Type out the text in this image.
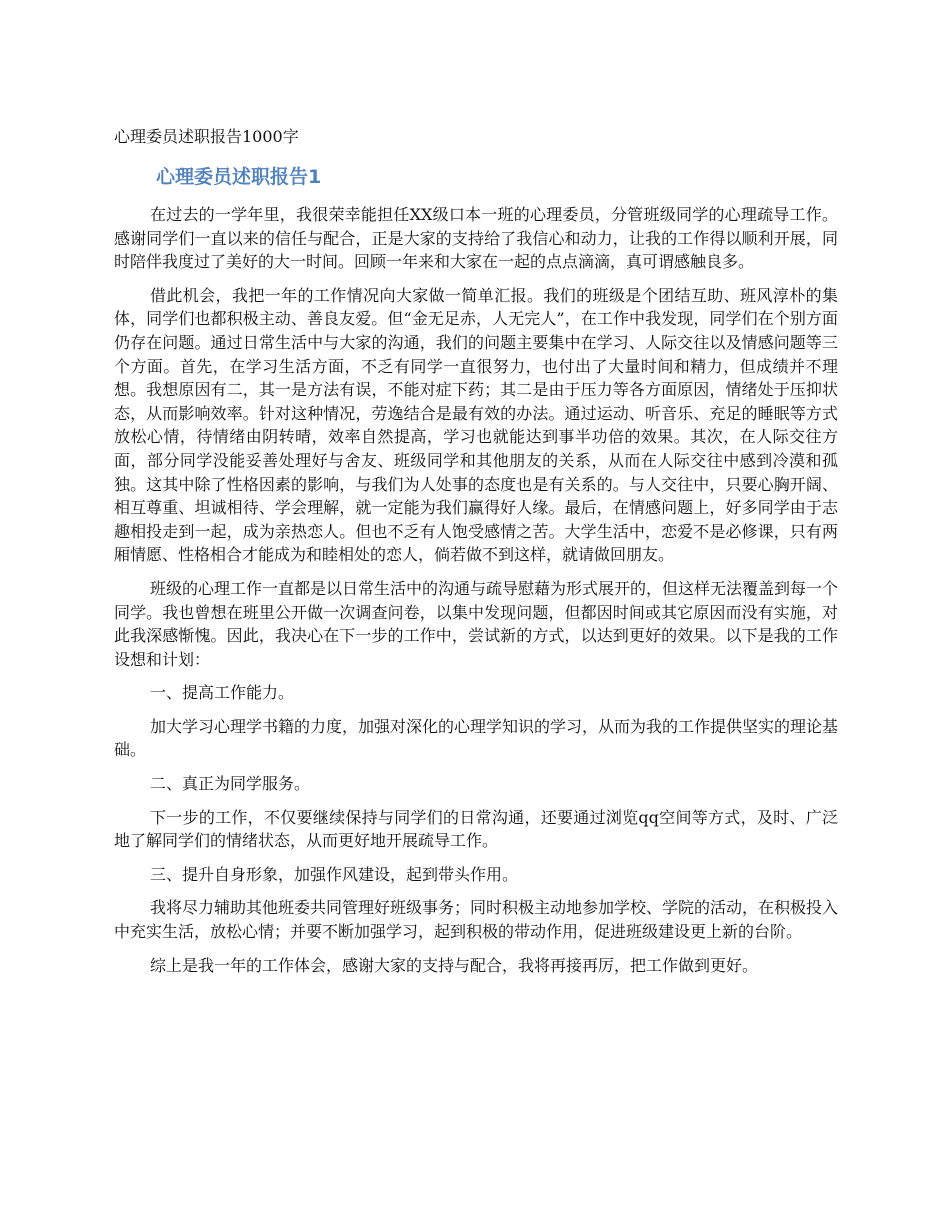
心理委员述职报告1000字
心理委员述职报告1

在过去的一学年里，我很荣幸能担任XX级口本一班的心理委员，分管班级同学的心理疏导工作。感谢同学们一直以来的信任与配合，正是大家的支持给了我信心和动力，让我的工作得以顺利开展，同时陪伴我度过了美好的大一时间。回顾一年来和大家在一起的点点滴滴，真可谓感触良多。

借此机会，我把一年的工作情况向大家做一简单汇报。我们的班级是个团结互助、班风淳朴的集体，同学们也都积极主动、善良友爱。但“金无足赤，人无完人”，在工作中我发现，同学们在个别方面仍存在问题。通过日常生活中与大家的沟通，我们的问题主要集中在学习、人际交往以及情感问题等三个方面。首先，在学习生活方面，不乏有同学一直很努力，也付出了大量时间和精力，但成绩并不理想。我想原因有二，其一是方法有误，不能对症下药；其二是由于压力等各方面原因，情绪处于压抑状态，从而影响效率。针对这种情况，劳逸结合是最有效的办法。通过运动、听音乐、充足的睡眠等方式放松心情，待情绪由阴转晴，效率自然提高，学习也就能达到事半功倍的效果。其次，在人际交往方面，部分同学没能妥善处理好与舍友、班级同学和其他朋友的关系，从而在人际交往中感到冷漠和孤独。这其中除了性格因素的影响，与我们为人处事的态度也是有关系的。与人交往中，只要心胸开阔、相互尊重、坦诚相待、学会理解，就一定能为我们赢得好人缘。最后，在情感问题上，好多同学由于志趣相投走到一起，成为亲热恋人。但也不乏有人饱受感情之苦。大学生活中，恋爱不是必修课，只有两厢情愿、性格相合才能成为和睦相处的恋人，倘若做不到这样，就请做回朋友。

班级的心理工作一直都是以日常生活中的沟通与疏导慰藉为形式展开的，但这样无法覆盖到每一个同学。我也曾想在班里公开做一次调查问卷，以集中发现问题，但都因时间或其它原因而没有实施，对此我深感惭愧。因此，我决心在下一步的工作中，尝试新的方式，以达到更好的效果。以下是我的工作设想和计划：

一、提高工作能力。

加大学习心理学书籍的力度，加强对深化的心理学知识的学习，从而为我的工作提供坚实的理论基础。

二、真正为同学服务。

下一步的工作，不仅要继续保持与同学们的日常沟通，还要通过浏览qq空间等方式，及时、广泛地了解同学们的情绪状态，从而更好地开展疏导工作。

三、提升自身形象，加强作风建设，起到带头作用。

我将尽力辅助其他班委共同管理好班级事务；同时积极主动地参加学校、学院的活动，在积极投入中充实生活，放松心情；并要不断加强学习，起到积极的带动作用，促进班级建设更上新的台阶。

综上是我一年的工作体会，感谢大家的支持与配合，我将再接再厉，把工作做到更好。
